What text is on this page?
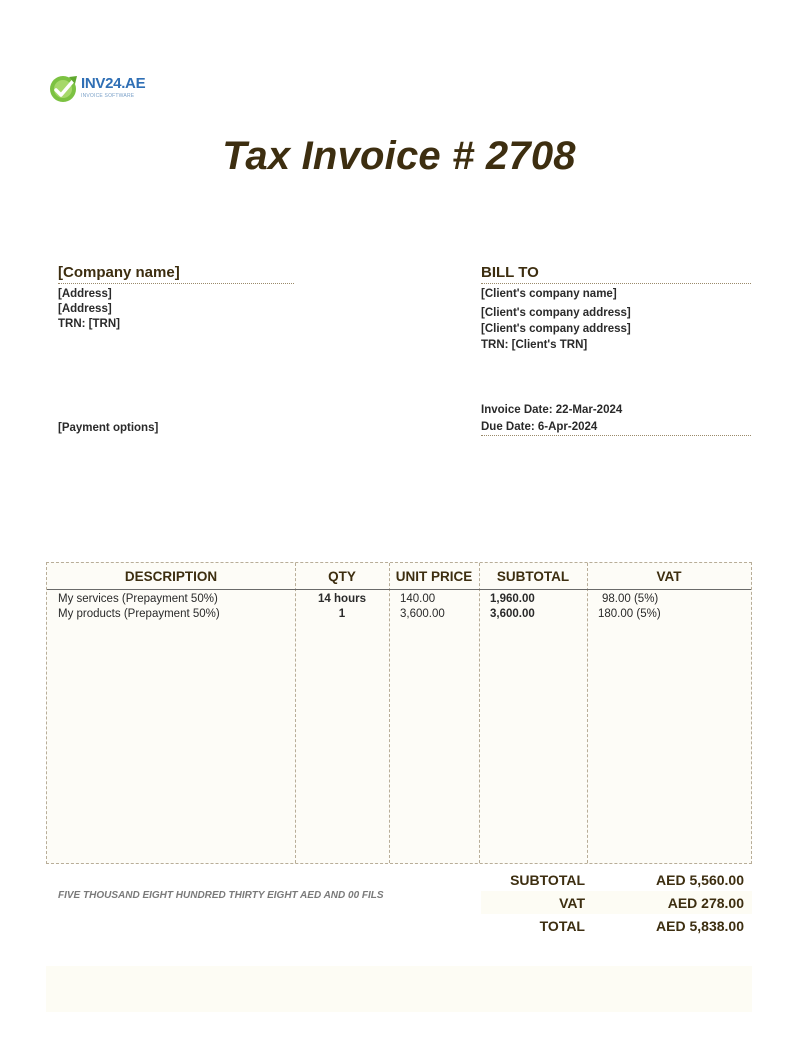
INV24.AE
INVOICE SOFTWARE
Tax Invoice # 2708
[Company name]
[Address]
[Address]
TRN: [TRN]
[Payment options]
BILL TO
[Client's company name]
[Client's company address]
[Client's company address]
TRN: [Client's TRN]
Invoice Date: 22-Mar-2024
Due Date: 6-Apr-2024
DESCRIPTION	QTY	UNIT PRICE	SUBTOTAL	VAT
My services (Prepayment 50%)	14 hours	140.00	1,960.00	98.00 (5%)
My products (Prepayment 50%)	1	3,600.00	3,600.00	180.00 (5%)
FIVE THOUSAND EIGHT HUNDRED THIRTY EIGHT AED AND 00 FILS
SUBTOTAL	AED 5,560.00
VAT	AED 278.00
TOTAL	AED 5,838.00
